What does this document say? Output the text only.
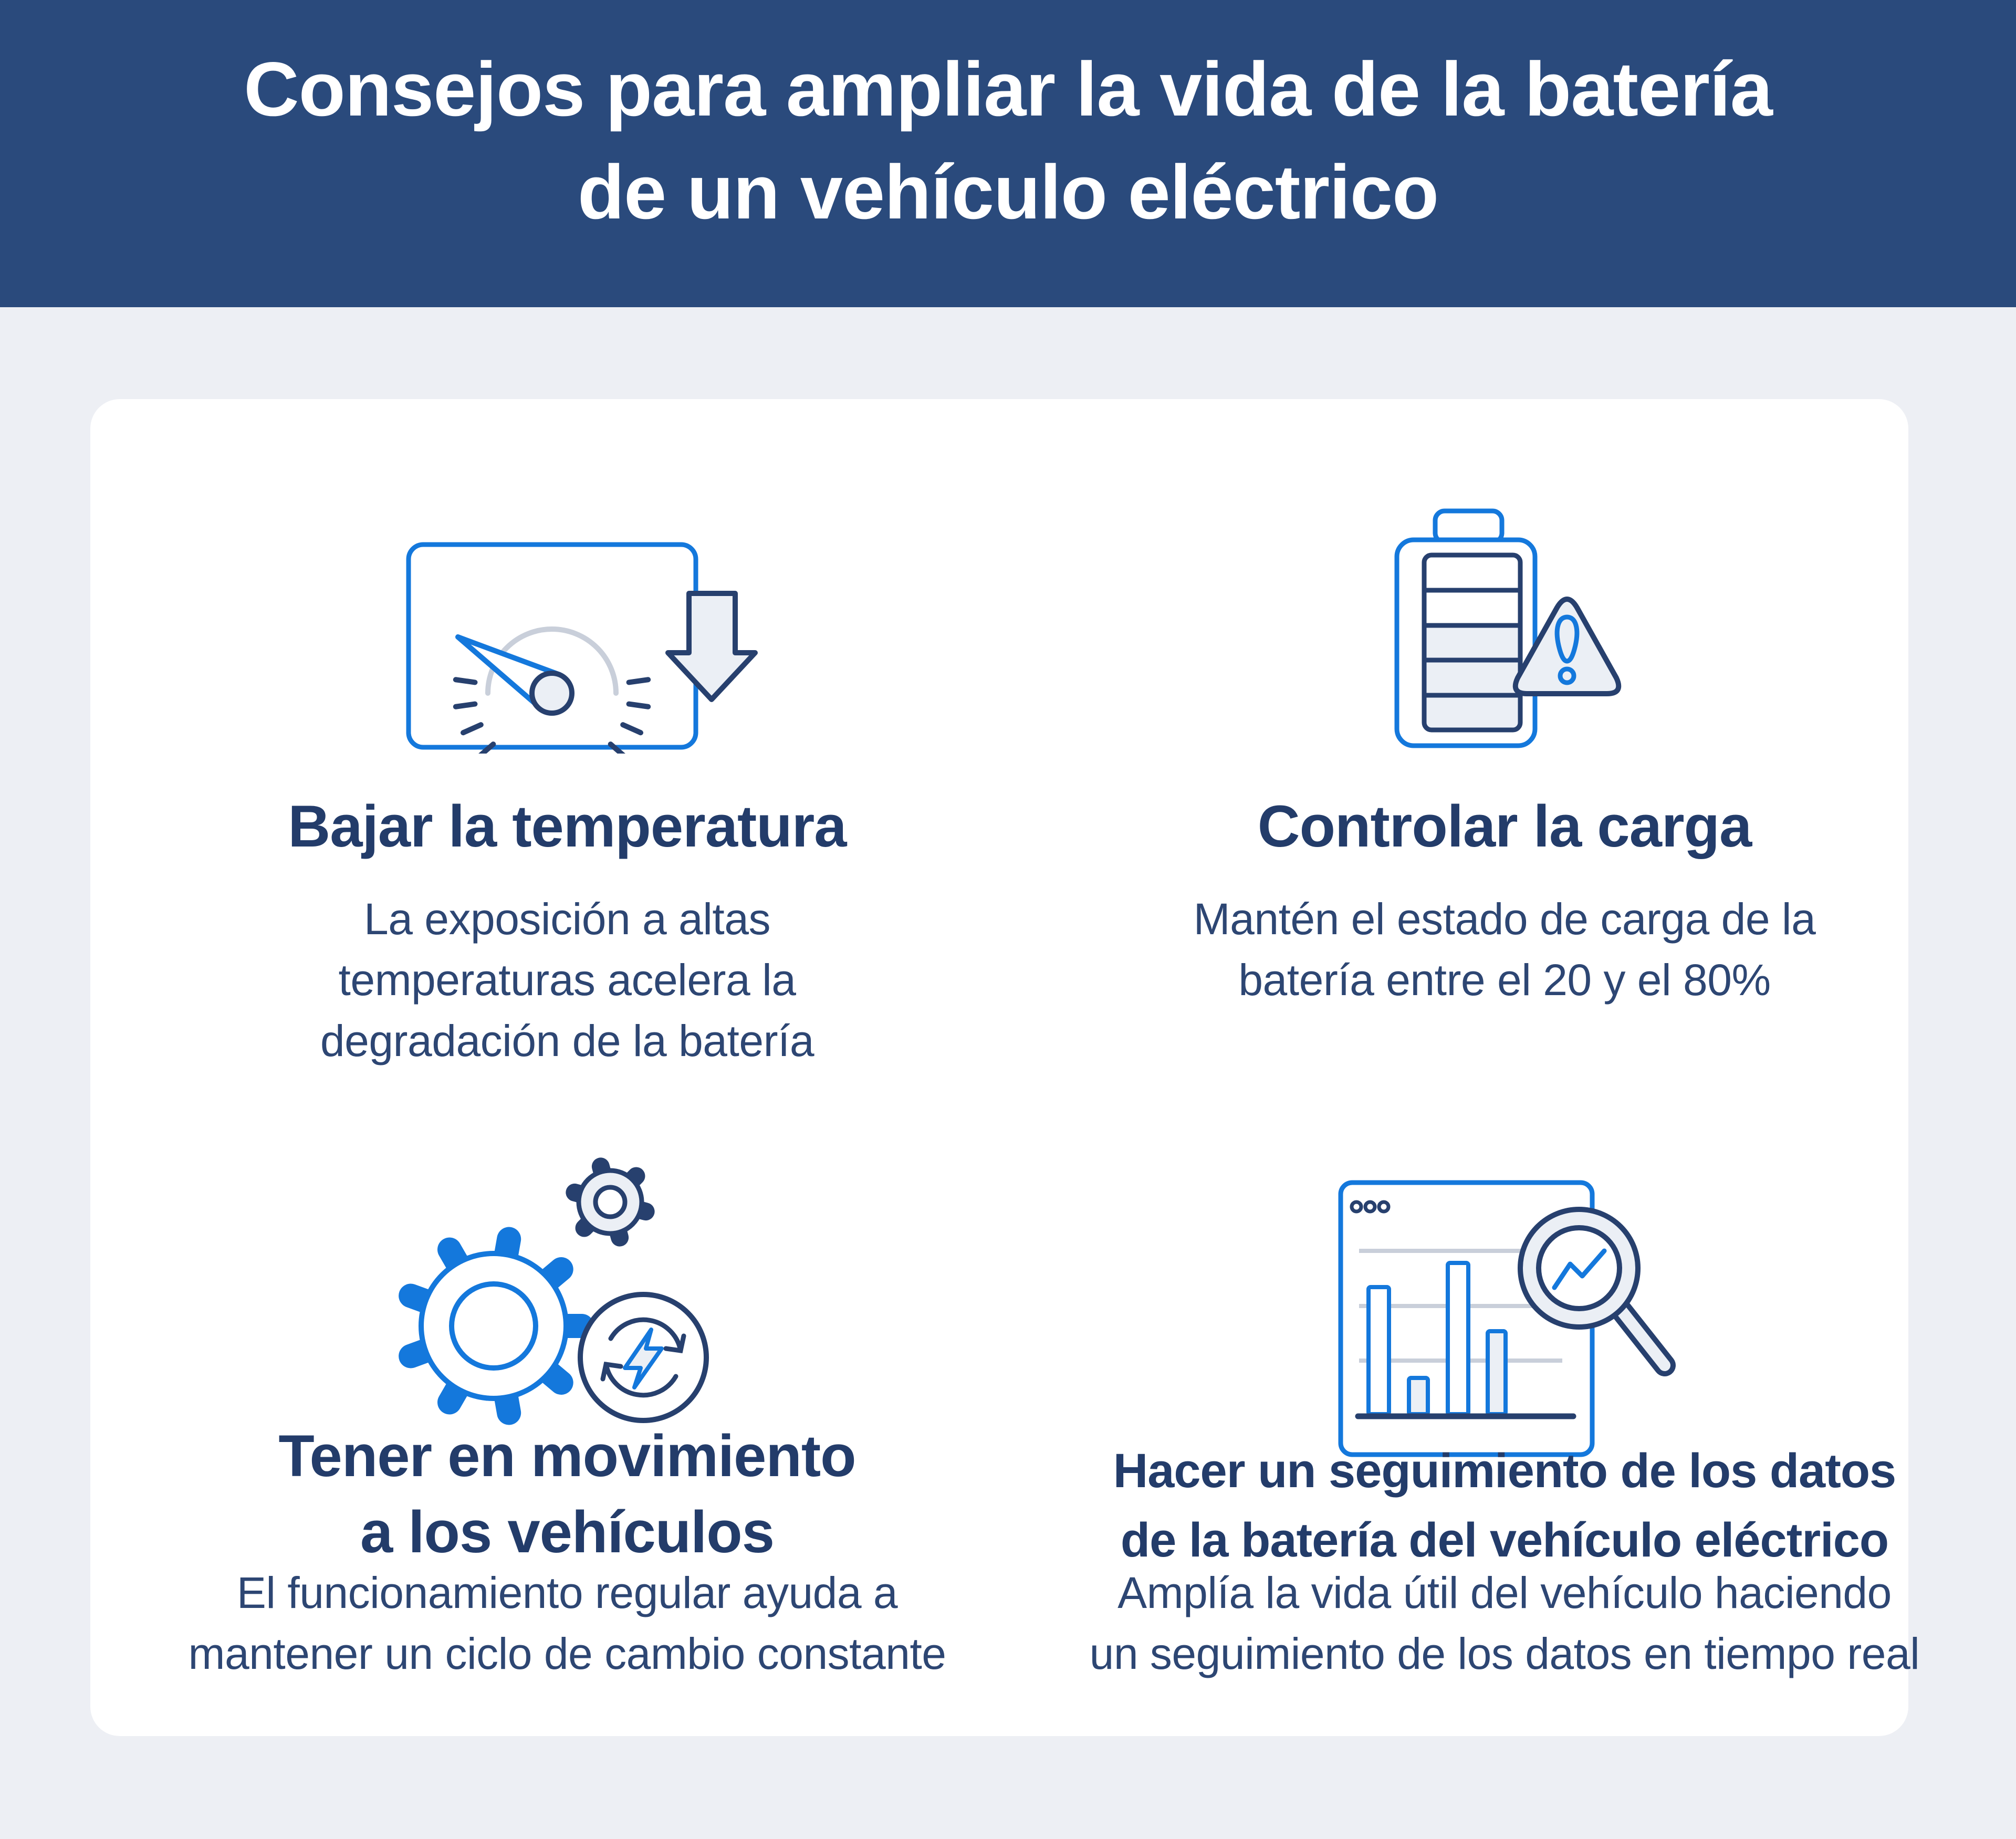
Consejos para ampliar la vida de la batería
de un vehículo eléctrico
Bajar la temperatura
La exposición a altas
temperaturas acelera la
degradación de la batería
Controlar la carga
Mantén el estado de carga de la
batería entre el 20 y el 80%
Tener en movimiento
a los vehículos
El funcionamiento regular ayuda a
mantener un ciclo de cambio constante
Hacer un seguimiento de los datos
de la batería del vehículo eléctrico
Amplía la vida útil del vehículo haciendo
un seguimiento de los datos en tiempo real
